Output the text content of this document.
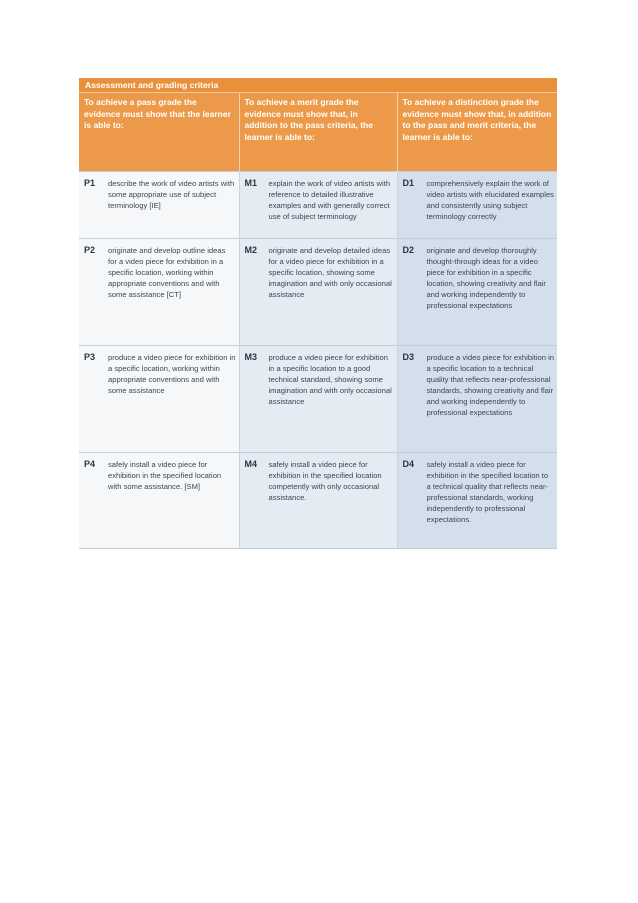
Assessment and grading criteria
To achieve a pass grade the evidence must show that the learner is able to:	To achieve a merit grade the evidence must show that, in addition to the pass criteria, the learner is able to:	To achieve a distinction grade the evidence must show that, in addition to the pass and merit criteria, the learner is able to:

P1 describe the work of video artists with some appropriate use of subject terminology [IE]	M1 explain the work of video artists with reference to detailed illustrative examples and with generally correct use of subject terminology	D1 comprehensively explain the work of video artists with elucidated examples and consistently using subject terminology correctly

P2 originate and develop outline ideas for a video piece for exhibition in a specific location, working within appropriate conventions and with some assistance [CT]	M2 originate and develop detailed ideas for a video piece for exhibition in a specific location, showing some imagination and with only occasional assistance	D2 originate and develop thoroughly thought-through ideas for a video piece for exhibition in a specific location, showing creativity and flair and working independently to professional expectations

P3 produce a video piece for exhibition in a specific location, working within appropriate conventions and with some assistance	M3 produce a video piece for exhibition in a specific location to a good technical standard, showing some imagination and with only occasional assistance	D3 produce a video piece for exhibition in a specific location to a technical quality that reflects near-professional standards, showing creativity and flair and working independently to professional expectations

P4 safely install a video piece for exhibition in the specified location with some assistance. [SM]	M4 safely install a video piece for exhibition in the specified location competently with only occasional assistance.	D4 safely install a video piece for exhibition in the specified location to a technical quality that reflects near-professional standards, working independently to professional expectations.
